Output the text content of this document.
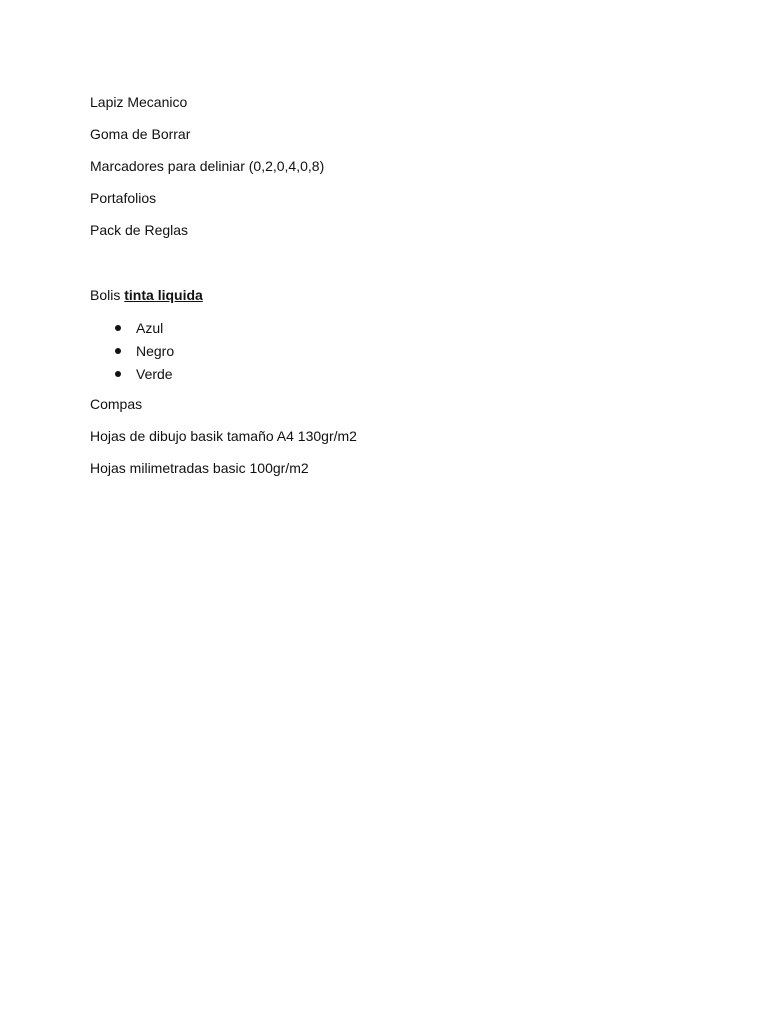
Lapiz Mecanico

Goma de Borrar

Marcadores para deliniar (0,2,0,4,0,8)

Portafolios

Pack de Reglas

Bolis tinta liquida

Azul
Negro
Verde

Compas

Hojas de dibujo basik tamaño A4 130gr/m2

Hojas milimetradas basic 100gr/m2
